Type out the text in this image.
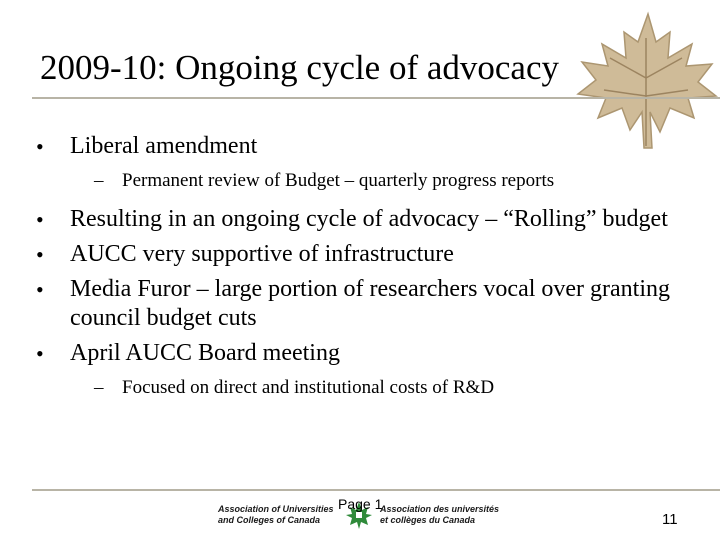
2009-10: Ongoing cycle of advocacy
• Liberal amendment
– Permanent review of Budget – quarterly progress reports
• Resulting in an ongoing cycle of advocacy – “Rolling” budget
• AUCC very supportive of infrastructure
• Media Furor – large portion of researchers vocal over granting council budget cuts
• April AUCC Board meeting
– Focused on direct and institutional costs of R&D
Association of Universities
and Colleges of Canada
Association des universités
et collèges du Canada
Page 1
11
